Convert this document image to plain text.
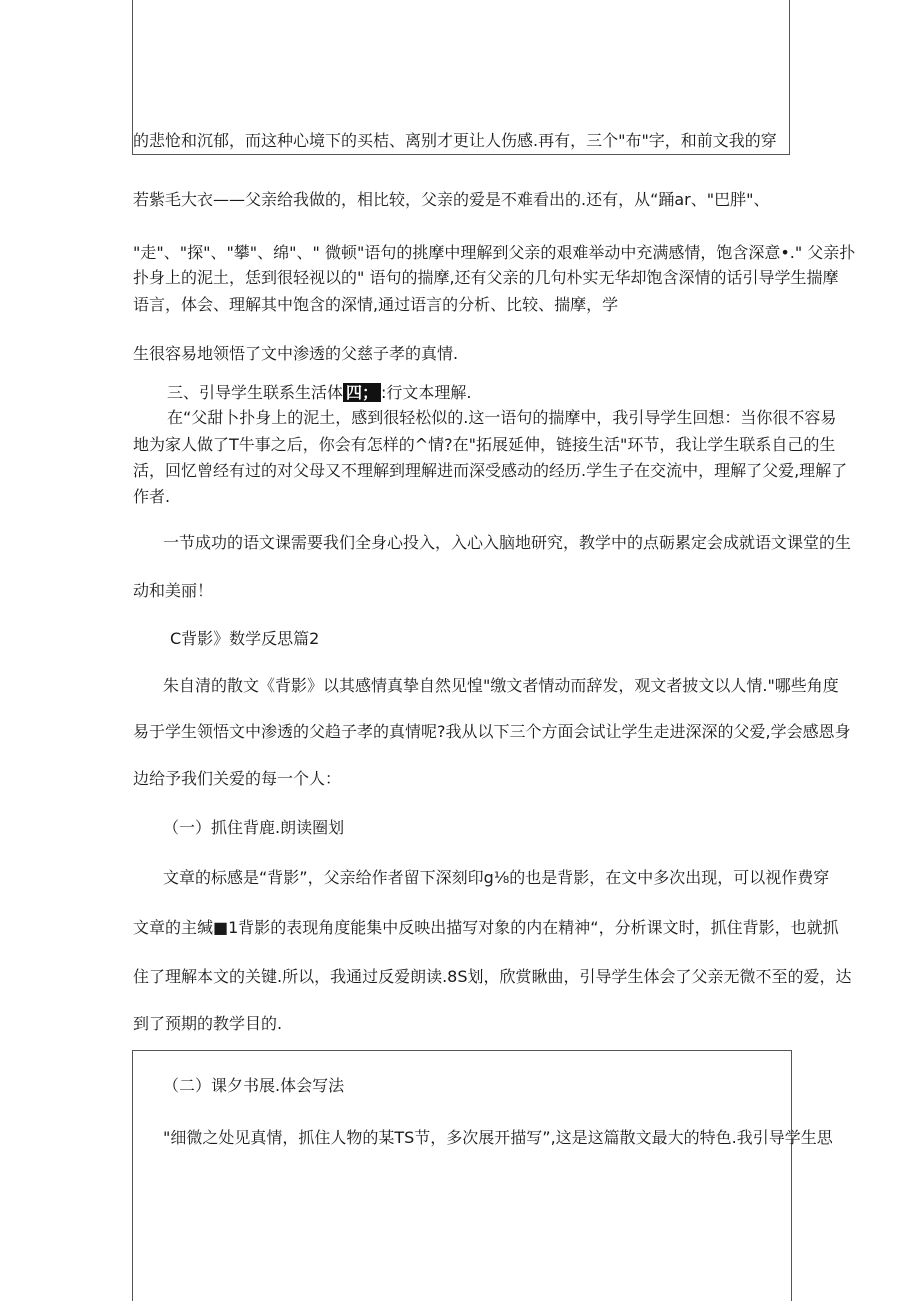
的悲怆和沉郁，而这种心境下的买桔、离别才更让人伤感.再有，三个"布"字，和前文我的穿
若紫毛大衣——父亲给我做的，相比较，父亲的爱是不难看出的.还有，从“踊ar、"巴胖"、
"走"、"探"、"攀"、绵"、" 微顿"语句的挑摩中理解到父亲的艰难举动中充满感情，饱含深意•." 父亲扑
扑身上的泥土，恁到很轻视以的" 语句的揣摩,还有父亲的几句朴实无华却饱含深情的话引导学生揣摩
语言，体会、理解其中饱含的深情,通过语言的分析、比较、揣摩，学
生很容易地领悟了文中渗透的父慈子孝的真情.
三、引导学生联系生活体 四； :行文本理解.
在“父甜卜扑身上的泥土，感到很轻松似的.这一语句的揣摩中，我引导学生回想：当你很不容易
地为家人做了T牛事之后，你会有怎样的^情?在"拓展延伸，链接生活"环节，我让学生联系自己的生
活，回忆曾经有过的对父母又不理解到理解进而深受感动的经历.学生子在交流中，理解了父爱,理解了
作者.
一节成功的语文课需要我们全身心投入，入心入脑地研究，教学中的点砺累定会成就语文课堂的生
动和美丽！
C背影》数学反思篇2
朱自清的散文《背影》以其感情真挚自然见惶"缴文者情动而辞发，观文者披文以人情."哪些角度
易于学生领悟文中渗透的父趋子孝的真情呢?我从以下三个方面会试让学生走进深深的父爱,学会感恩身
边给予我们关爱的每一个人：
（一）抓住背鹿.朗读圈划
文章的标感是“背影”，父亲给作者留下深刻印g⅛的也是背影，在文中多次出现，可以视作费穿
文章的主缄■1背影的表现角度能集中反映出描写对象的内在精神“，分析课文时，抓住背影，也就抓
住了理解本文的关键.所以，我通过反爱朗读.8S划，欣赏瞅曲，引导学生体会了父亲无微不至的爱，达
到了预期的教学目的.
（二）课夕书展.体会写法
"细微之处见真情，抓住人物的某TS节，多次展开描写”,这是这篇散文最大的特色.我引导学生思
